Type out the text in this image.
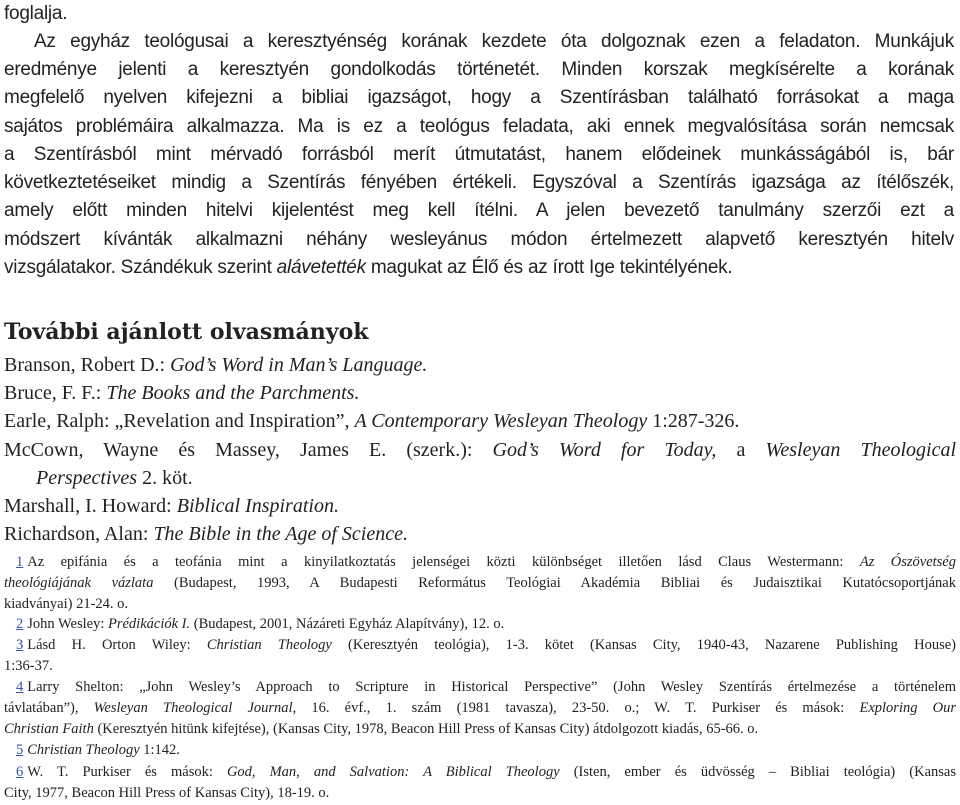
foglalja.
Az egyház teológusai a keresztyénség korának kezdete óta dolgoznak ezen a feladaton. Munkájuk
eredménye jelenti a keresztyén gondolkodás történetét. Minden korszak megkísérelte a korának
megfelelő nyelven kifejezni a bibliai igazságot, hogy a Szentírásban található forrásokat a maga
sajátos problémáira alkalmazza. Ma is ez a teológus feladata, aki ennek megvalósítása során nemcsak
a Szentírásból mint mérvadó forrásból merít útmutatást, hanem elődeinek munkásságából is, bár
következtetéseiket mindig a Szentírás fényében értékeli. Egyszóval a Szentírás igazsága az ítélőszék,
amely előtt minden hitelvi kijelentést meg kell ítélni. A jelen bevezető tanulmány szerzői ezt a
módszert kívánták alkalmazni néhány wesleyánus módon értelmezett alapvető keresztyén hitelv
vizsgálatakor. Szándékuk szerint alávetették magukat az Élő és az írott Ige tekintélyének.
További ajánlott olvasmányok
Branson, Robert D.: God’s Word in Man’s Language.
Bruce, F. F.: The Books and the Parchments.
Earle, Ralph: „Revelation and Inspiration”, A Contemporary Wesleyan Theology 1:287-326.
McCown, Wayne és Massey, James E. (szerk.): God’s Word for Today, a Wesleyan Theological
Perspectives 2. köt.
Marshall, I. Howard: Biblical Inspiration.
Richardson, Alan: The Bible in the Age of Science.
1 Az epifánia és a teofánia mint a kinyilatkoztatás jelenségei közti különbséget illetően lásd Claus Westermann: Az Ószövetség
theológiájának vázlata (Budapest, 1993, A Budapesti Református Teológiai Akadémia Bibliai és Judaisztikai Kutatócsoportjának
kiadványai) 21-24. o.
2 John Wesley: Prédikációk I. (Budapest, 2001, Názáreti Egyház Alapítvány), 12. o.
3 Lásd H. Orton Wiley: Christian Theology (Keresztyén teológia), 1-3. kötet (Kansas City, 1940-43, Nazarene Publishing House)
1:36-37.
4 Larry Shelton: „John Wesley’s Approach to Scripture in Historical Perspective” (John Wesley Szentírás értelmezése a történelem
távlatában”), Wesleyan Theological Journal, 16. évf., 1. szám (1981 tavasza), 23-50. o.; W. T. Purkiser és mások: Exploring Our
Christian Faith (Keresztyén hitünk kifejtése), (Kansas City, 1978, Beacon Hill Press of Kansas City) átdolgozott kiadás, 65-66. o.
5 Christian Theology 1:142.
6 W. T. Purkiser és mások: God, Man, and Salvation: A Biblical Theology (Isten, ember és üdvösség – Bibliai teológia) (Kansas
City, 1977, Beacon Hill Press of Kansas City), 18-19. o.
